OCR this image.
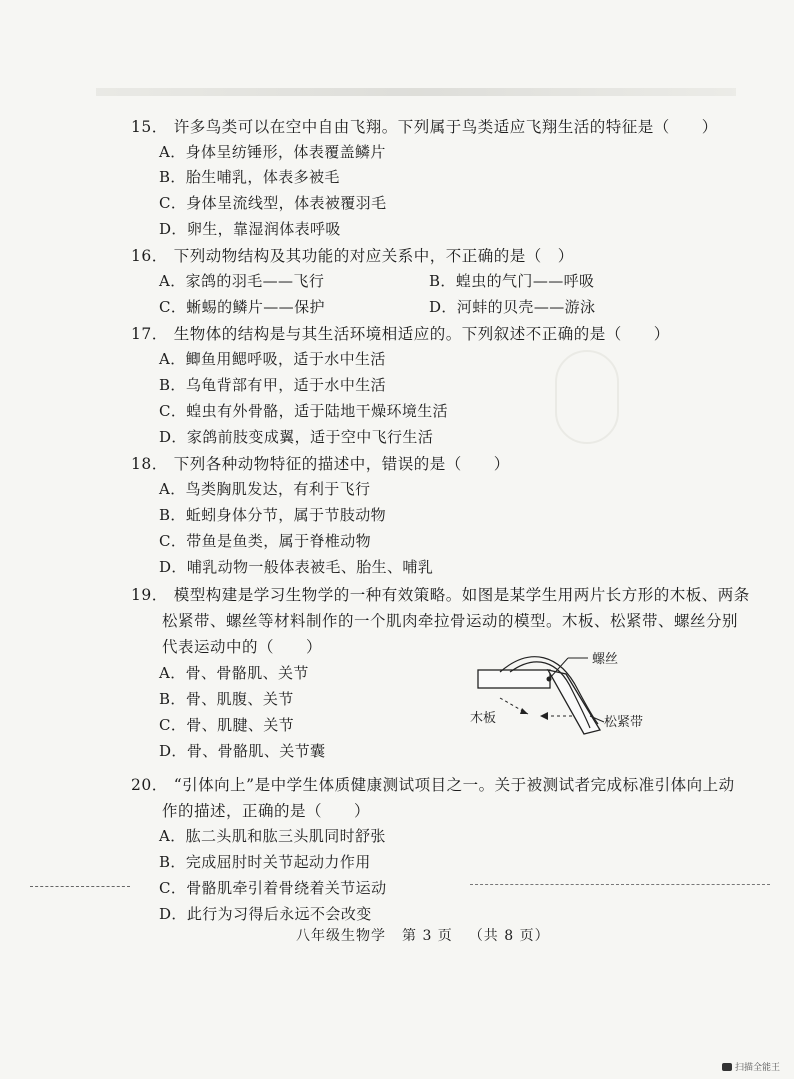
15． 许多鸟类可以在空中自由飞翔。下列属于鸟类适应飞翔生活的特征是（　　）
A．身体呈纺锤形，体表覆盖鳞片
B．胎生哺乳，体表多被毛
C．身体呈流线型，体表被覆羽毛
D．卵生，靠湿润体表呼吸
16． 下列动物结构及其功能的对应关系中，不正确的是（　）
A．家鸽的羽毛——飞行	B．蝗虫的气门——呼吸
C．蜥蜴的鳞片——保护	D．河蚌的贝壳——游泳
17． 生物体的结构是与其生活环境相适应的。下列叙述不正确的是（　　）
A．鲫鱼用鳃呼吸，适于水中生活
B．乌龟背部有甲，适于水中生活
C．蝗虫有外骨骼，适于陆地干燥环境生活
D．家鸽前肢变成翼，适于空中飞行生活
18． 下列各种动物特征的描述中，错误的是（　　）
A．鸟类胸肌发达，有利于飞行
B．蚯蚓身体分节，属于节肢动物
C．带鱼是鱼类，属于脊椎动物
D．哺乳动物一般体表被毛、胎生、哺乳
19． 模型构建是学习生物学的一种有效策略。如图是某学生用两片长方形的木板、两条
松紧带、螺丝等材料制作的一个肌肉牵拉骨运动的模型。木板、松紧带、螺丝分别
代表运动中的（　　）
A．骨、骨骼肌、关节
B．骨、肌腹、关节
C．骨、肌腱、关节
D．骨、骨骼肌、关节囊
螺丝
木板	松紧带
20． “引体向上”是中学生体质健康测试项目之一。关于被测试者完成标准引体向上动
作的描述，正确的是（　　）
A．肱二头肌和肱三头肌同时舒张
B．完成屈肘时关节起动力作用
C．骨骼肌牵引着骨绕着关节运动
D．此行为习得后永远不会改变
八年级生物学 第 3 页 （共 8 页）
扫描全能王
